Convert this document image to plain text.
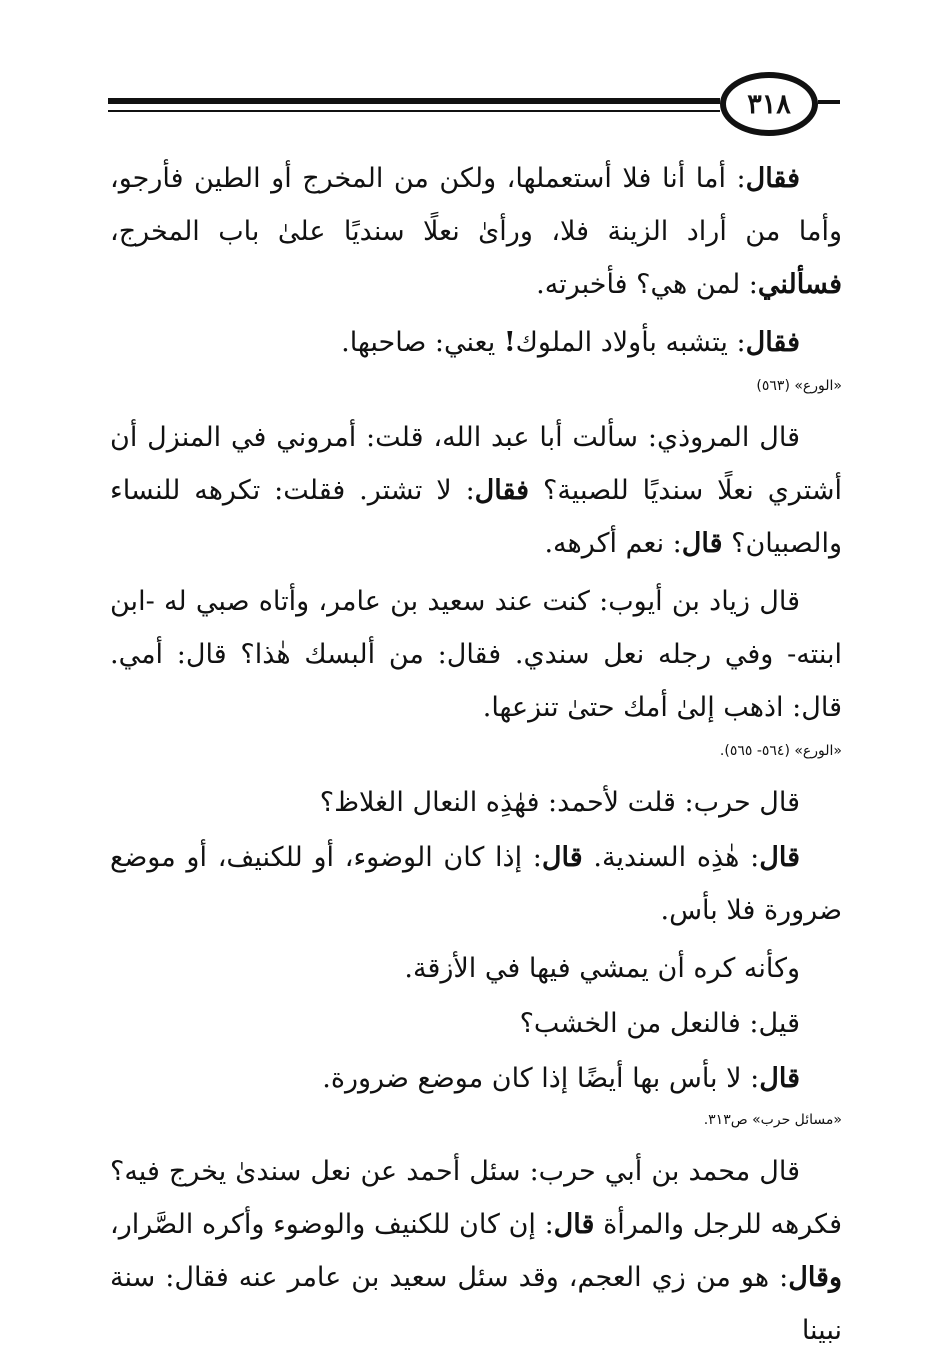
٣١٨

فقال: أما أنا فلا أستعملها، ولكن من المخرج أو الطين فأرجو، وأما من أراد الزينة فلا، ورأىٰ نعلًا سنديًا علىٰ باب المخرج، فسألني: لمن هي؟ فأخبرته.

فقال: يتشبه بأولاد الملوك! يعني: صاحبها.

«الورع» (٥٦٣)

قال المروذي: سألت أبا عبد الله، قلت: أمروني في المنزل أن أشتري نعلًا سنديًا للصبية؟ فقال: لا تشتر. فقلت: تكرهه للنساء والصبيان؟ قال: نعم أكرهه.

قال زياد بن أيوب: كنت عند سعيد بن عامر، وأتاه صبي له -ابن ابنته- وفي رجله نعل سندي. فقال: من ألبسك هٰذا؟ قال: أمي. قال: اذهب إلىٰ أمك حتىٰ تنزعها.

«الورع» (٥٦٤- ٥٦٥).

قال حرب: قلت لأحمد: فهٰذِه النعال الغلاظ؟

قال: هٰذِه السندية. قال: إذا كان الوضوء، أو للكنيف، أو موضع ضرورة فلا بأس.

وكأنه كره أن يمشي فيها في الأزقة.

قيل: فالنعل من الخشب؟

قال: لا بأس بها أيضًا إذا كان موضع ضرورة.

«مسائل حرب» ص٣١٣.

قال محمد بن أبي حرب: سئل أحمد عن نعل سندىٰ يخرج فيه؟ فكرهه للرجل والمرأة قال: إن كان للكنيف والوضوء وأكره الصَّرار، وقال: هو من زي العجم، وقد سئل سعيد بن عامر عنه فقال: سنة نبينا
